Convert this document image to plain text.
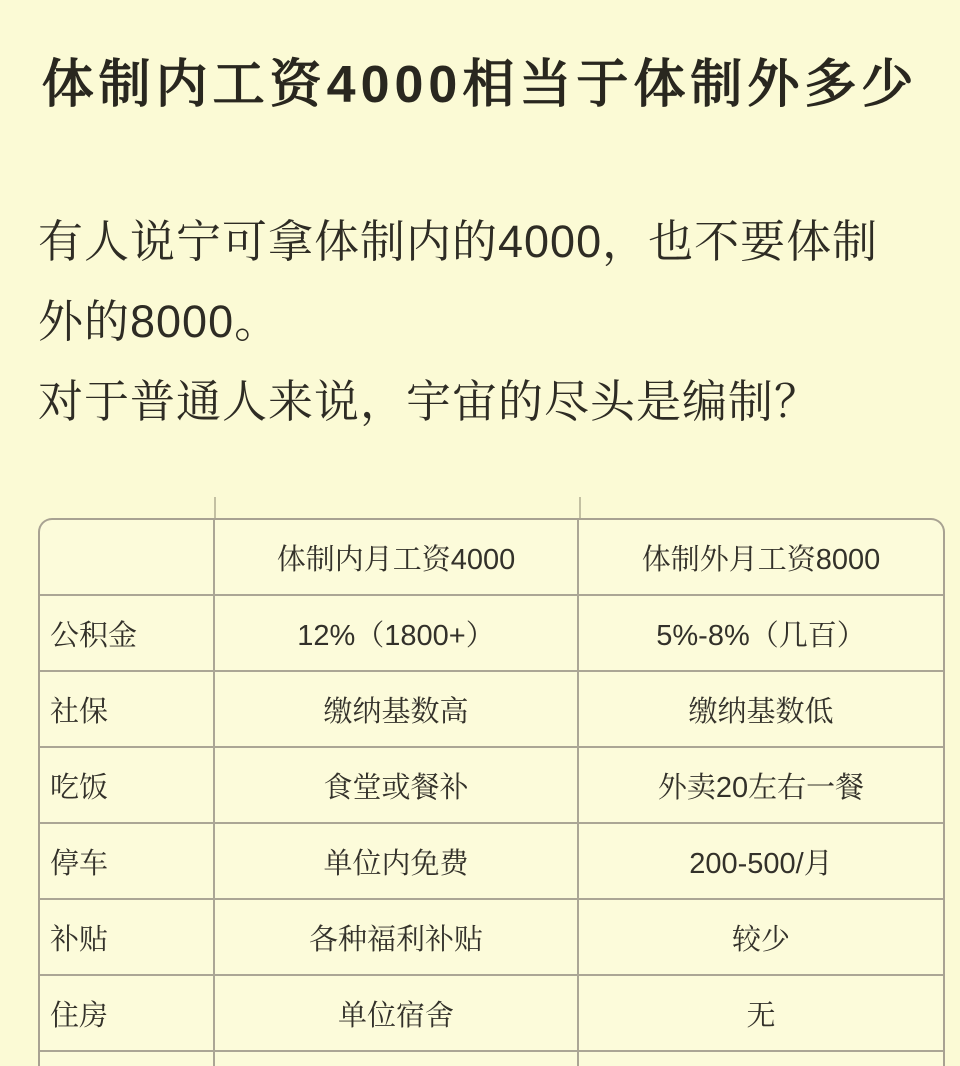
体制内工资4000相当于体制外多少
有人说宁可拿体制内的4000，也不要体制
外的8000。
对于普通人来说，宇宙的尽头是编制？
	体制内月工资4000	体制外月工资8000
公积金	12%（1800+）	5%-8%（几百）
社保	缴纳基数高	缴纳基数低
吃饭	食堂或餐补	外卖20左右一餐
停车	单位内免费	200-500/月
补贴	各种福利补贴	较少
住房	单位宿舍	无
